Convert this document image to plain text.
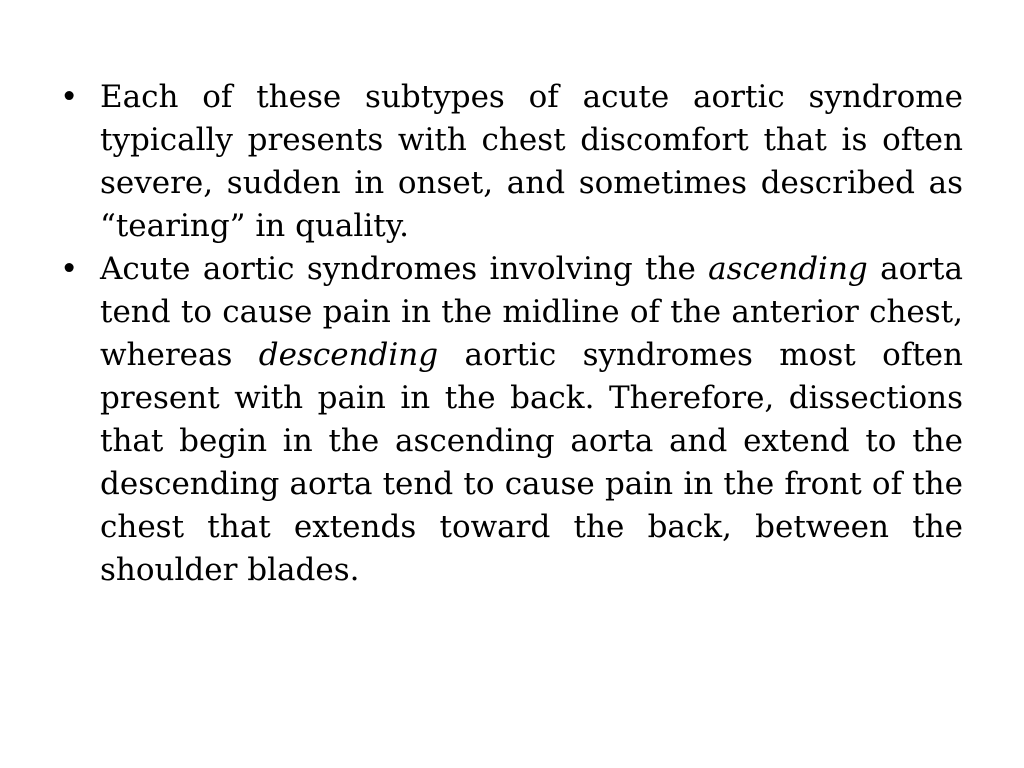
• Each of these subtypes of acute aortic syndrome typically presents with chest discomfort that is often severe, sudden in onset, and sometimes described as “tearing” in quality.
• Acute aortic syndromes involving the ascending aorta tend to cause pain in the midline of the anterior chest, whereas descending aortic syndromes most often present with pain in the back. Therefore, dissections that begin in the ascending aorta and extend to the descending aorta tend to cause pain in the front of the chest that extends toward the back, between the shoulder blades.
